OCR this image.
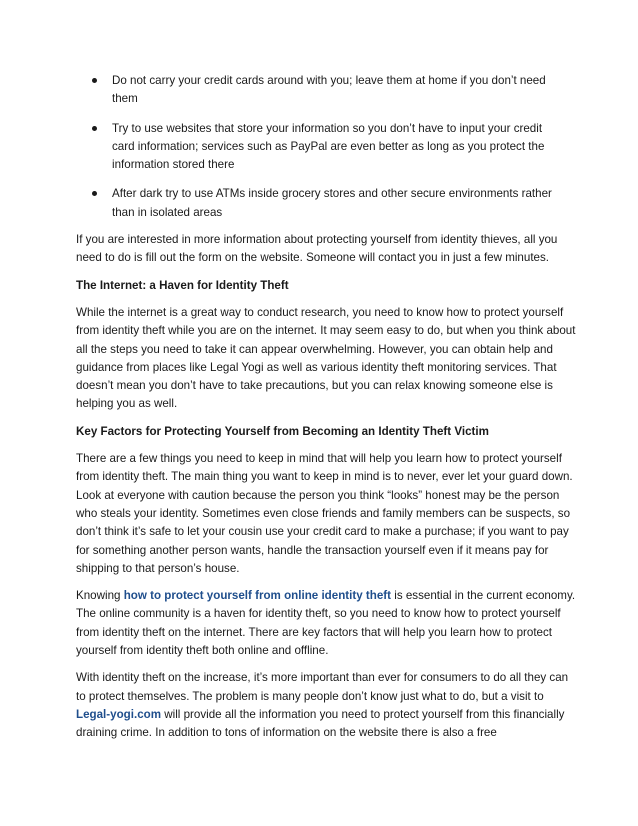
Do not carry your credit cards around with you; leave them at home if you don’t need them
Try to use websites that store your information so you don’t have to input your credit card information; services such as PayPal are even better as long as you protect the information stored there
After dark try to use ATMs inside grocery stores and other secure environments rather than in isolated areas

If you are interested in more information about protecting yourself from identity thieves, all you need to do is fill out the form on the website. Someone will contact you in just a few minutes.

The Internet: a Haven for Identity Theft

While the internet is a great way to conduct research, you need to know how to protect yourself from identity theft while you are on the internet. It may seem easy to do, but when you think about all the steps you need to take it can appear overwhelming. However, you can obtain help and guidance from places like Legal Yogi as well as various identity theft monitoring services. That doesn’t mean you don’t have to take precautions, but you can relax knowing someone else is helping you as well.

Key Factors for Protecting Yourself from Becoming an Identity Theft Victim

There are a few things you need to keep in mind that will help you learn how to protect yourself from identity theft. The main thing you want to keep in mind is to never, ever let your guard down. Look at everyone with caution because the person you think “looks” honest may be the person who steals your identity. Sometimes even close friends and family members can be suspects, so don’t think it’s safe to let your cousin use your credit card to make a purchase; if you want to pay for something another person wants, handle the transaction yourself even if it means pay for shipping to that person’s house.

Knowing how to protect yourself from online identity theft is essential in the current economy. The online community is a haven for identity theft, so you need to know how to protect yourself from identity theft on the internet. There are key factors that will help you learn how to protect yourself from identity theft both online and offline.

With identity theft on the increase, it’s more important than ever for consumers to do all they can to protect themselves. The problem is many people don’t know just what to do, but a visit to Legal-yogi.com will provide all the information you need to protect yourself from this financially draining crime. In addition to tons of information on the website there is also a free
